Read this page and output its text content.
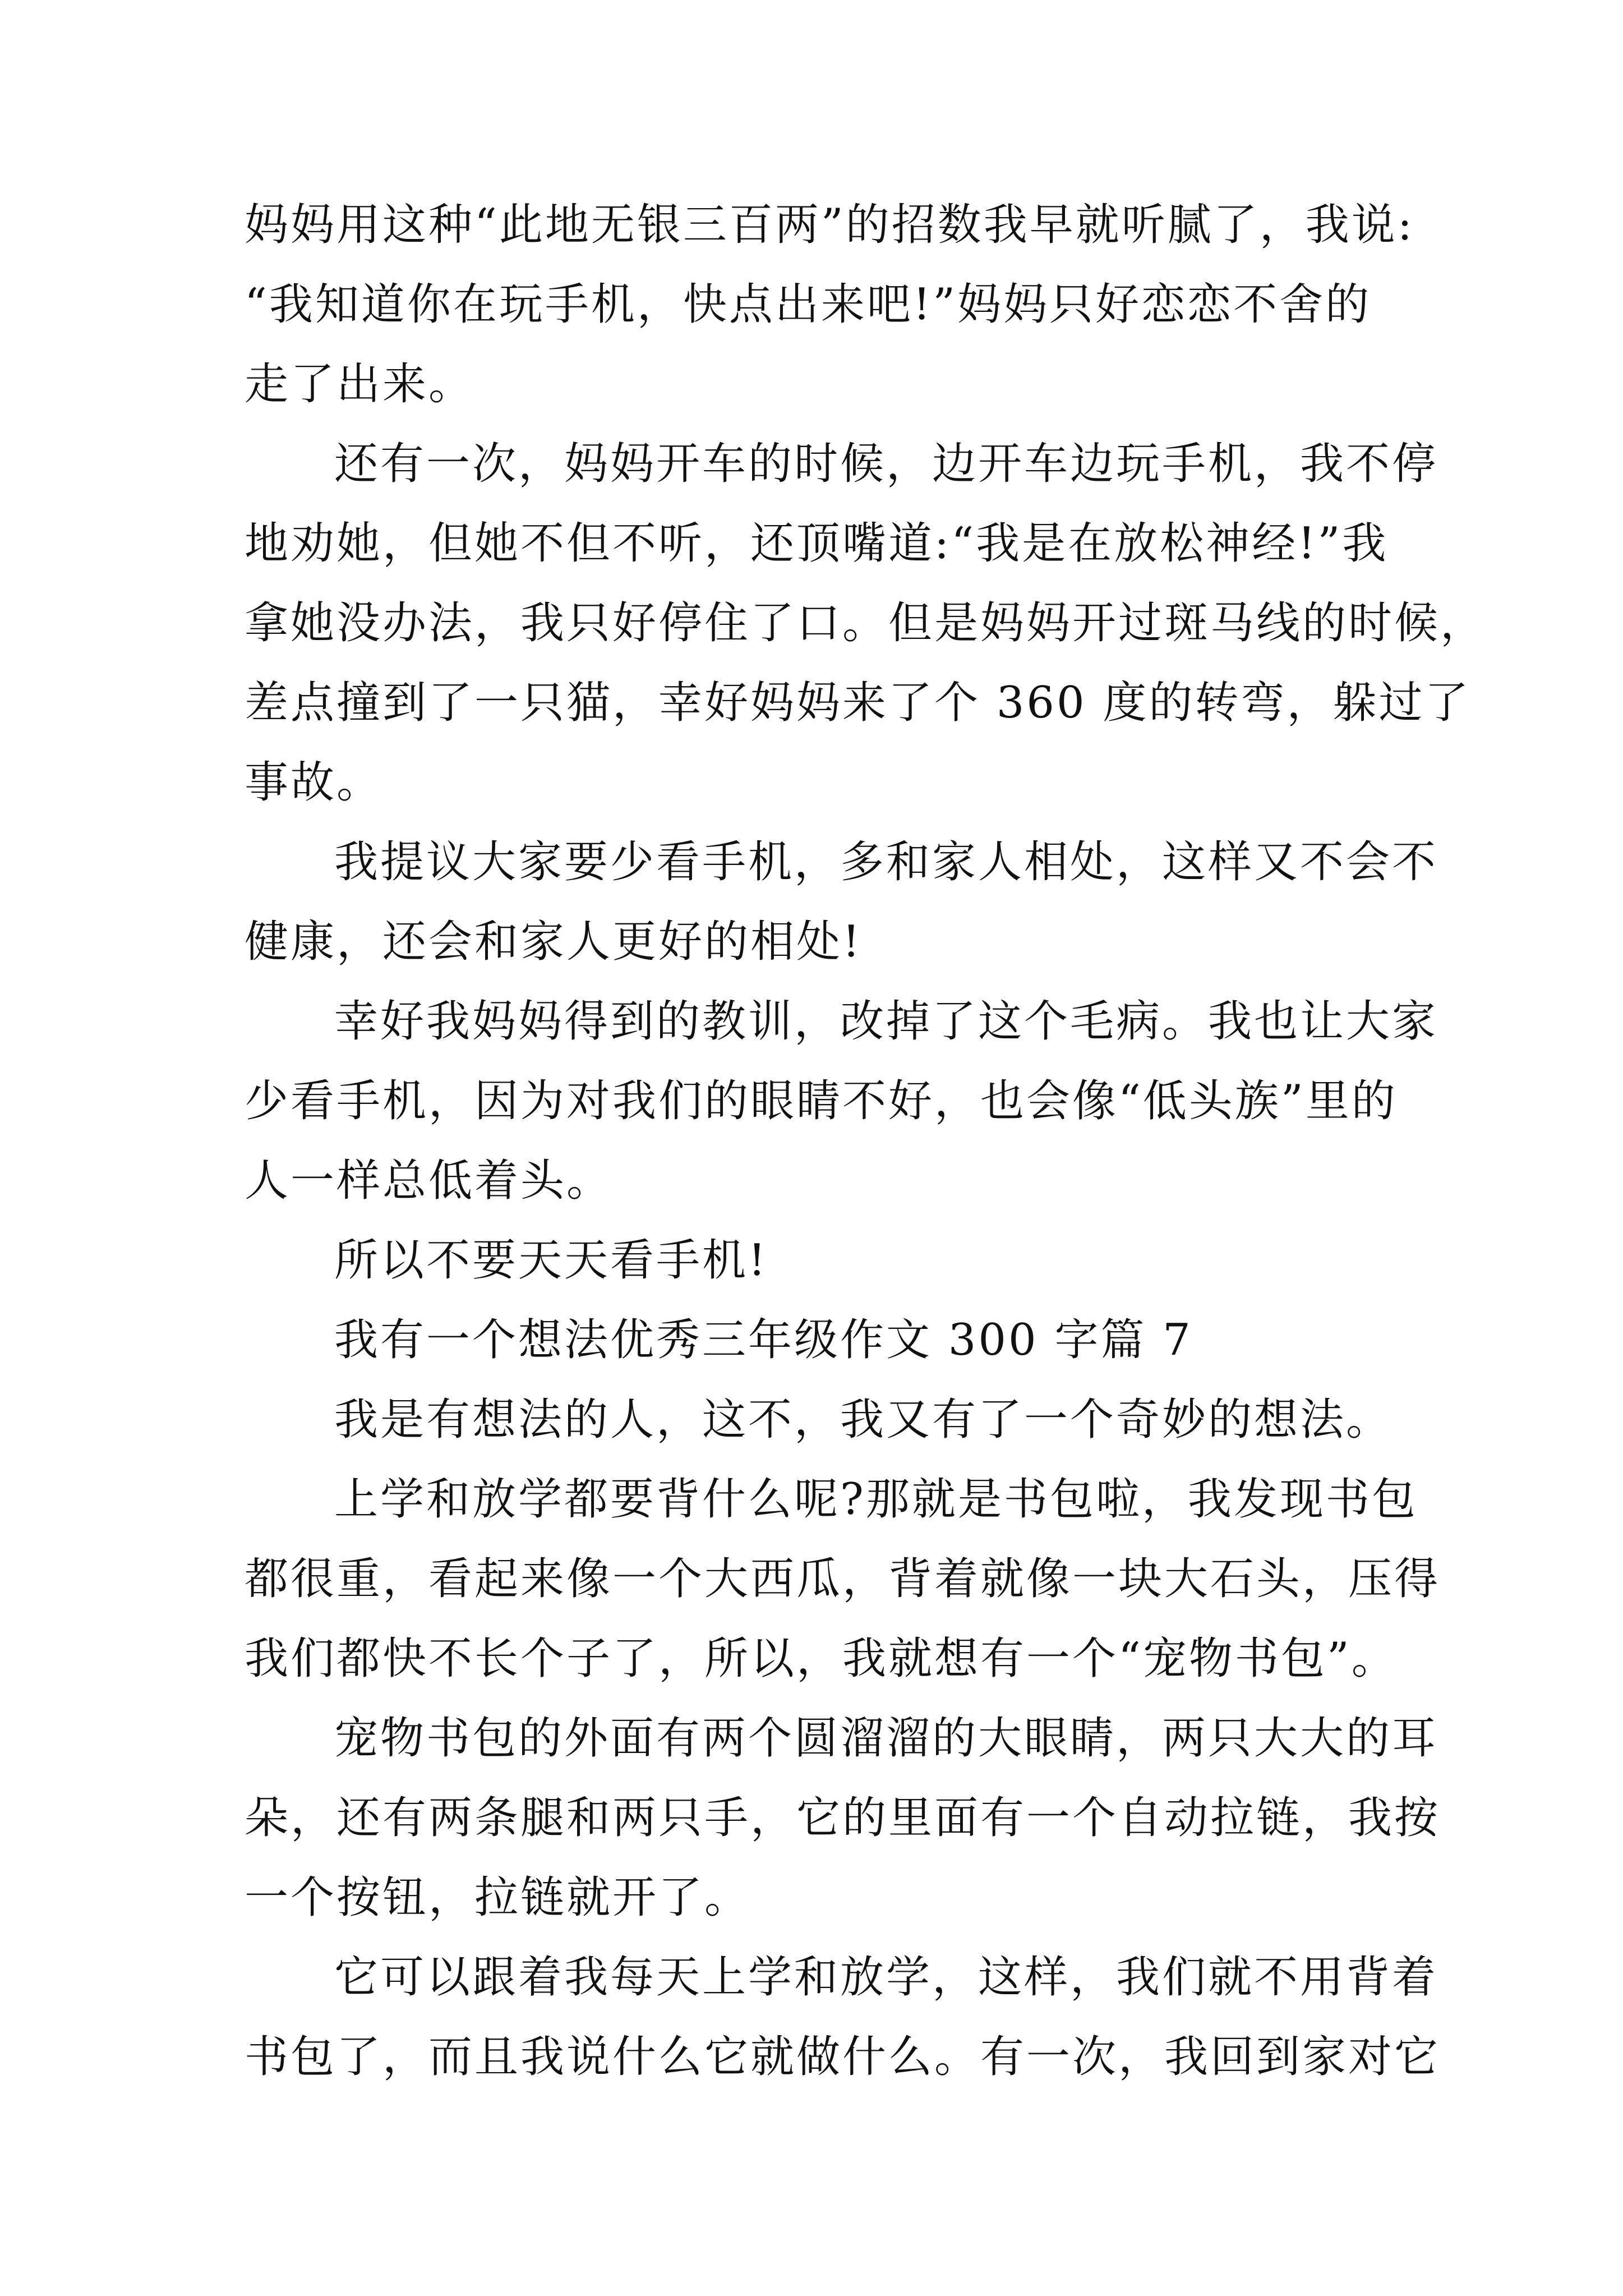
妈妈用这种“此地无银三百两”的招数我早就听腻了，我说:
“我知道你在玩手机，快点出来吧!”妈妈只好恋恋不舍的
走了出来。
还有一次，妈妈开车的时候，边开车边玩手机，我不停
地劝她，但她不但不听，还顶嘴道:“我是在放松神经!”我
拿她没办法，我只好停住了口。但是妈妈开过斑马线的时候，
差点撞到了一只猫，幸好妈妈来了个 360 度的转弯，躲过了
事故。
我提议大家要少看手机，多和家人相处，这样又不会不
健康，还会和家人更好的相处!
幸好我妈妈得到的教训，改掉了这个毛病。我也让大家
少看手机，因为对我们的眼睛不好，也会像“低头族”里的
人一样总低着头。
所以不要天天看手机!
我有一个想法优秀三年级作文 300 字篇 7
我是有想法的人，这不，我又有了一个奇妙的想法。
上学和放学都要背什么呢?那就是书包啦，我发现书包
都很重，看起来像一个大西瓜，背着就像一块大石头，压得
我们都快不长个子了，所以，我就想有一个“宠物书包”。
宠物书包的外面有两个圆溜溜的大眼睛，两只大大的耳
朵，还有两条腿和两只手，它的里面有一个自动拉链，我按
一个按钮，拉链就开了。
它可以跟着我每天上学和放学，这样，我们就不用背着
书包了，而且我说什么它就做什么。有一次，我回到家对它
